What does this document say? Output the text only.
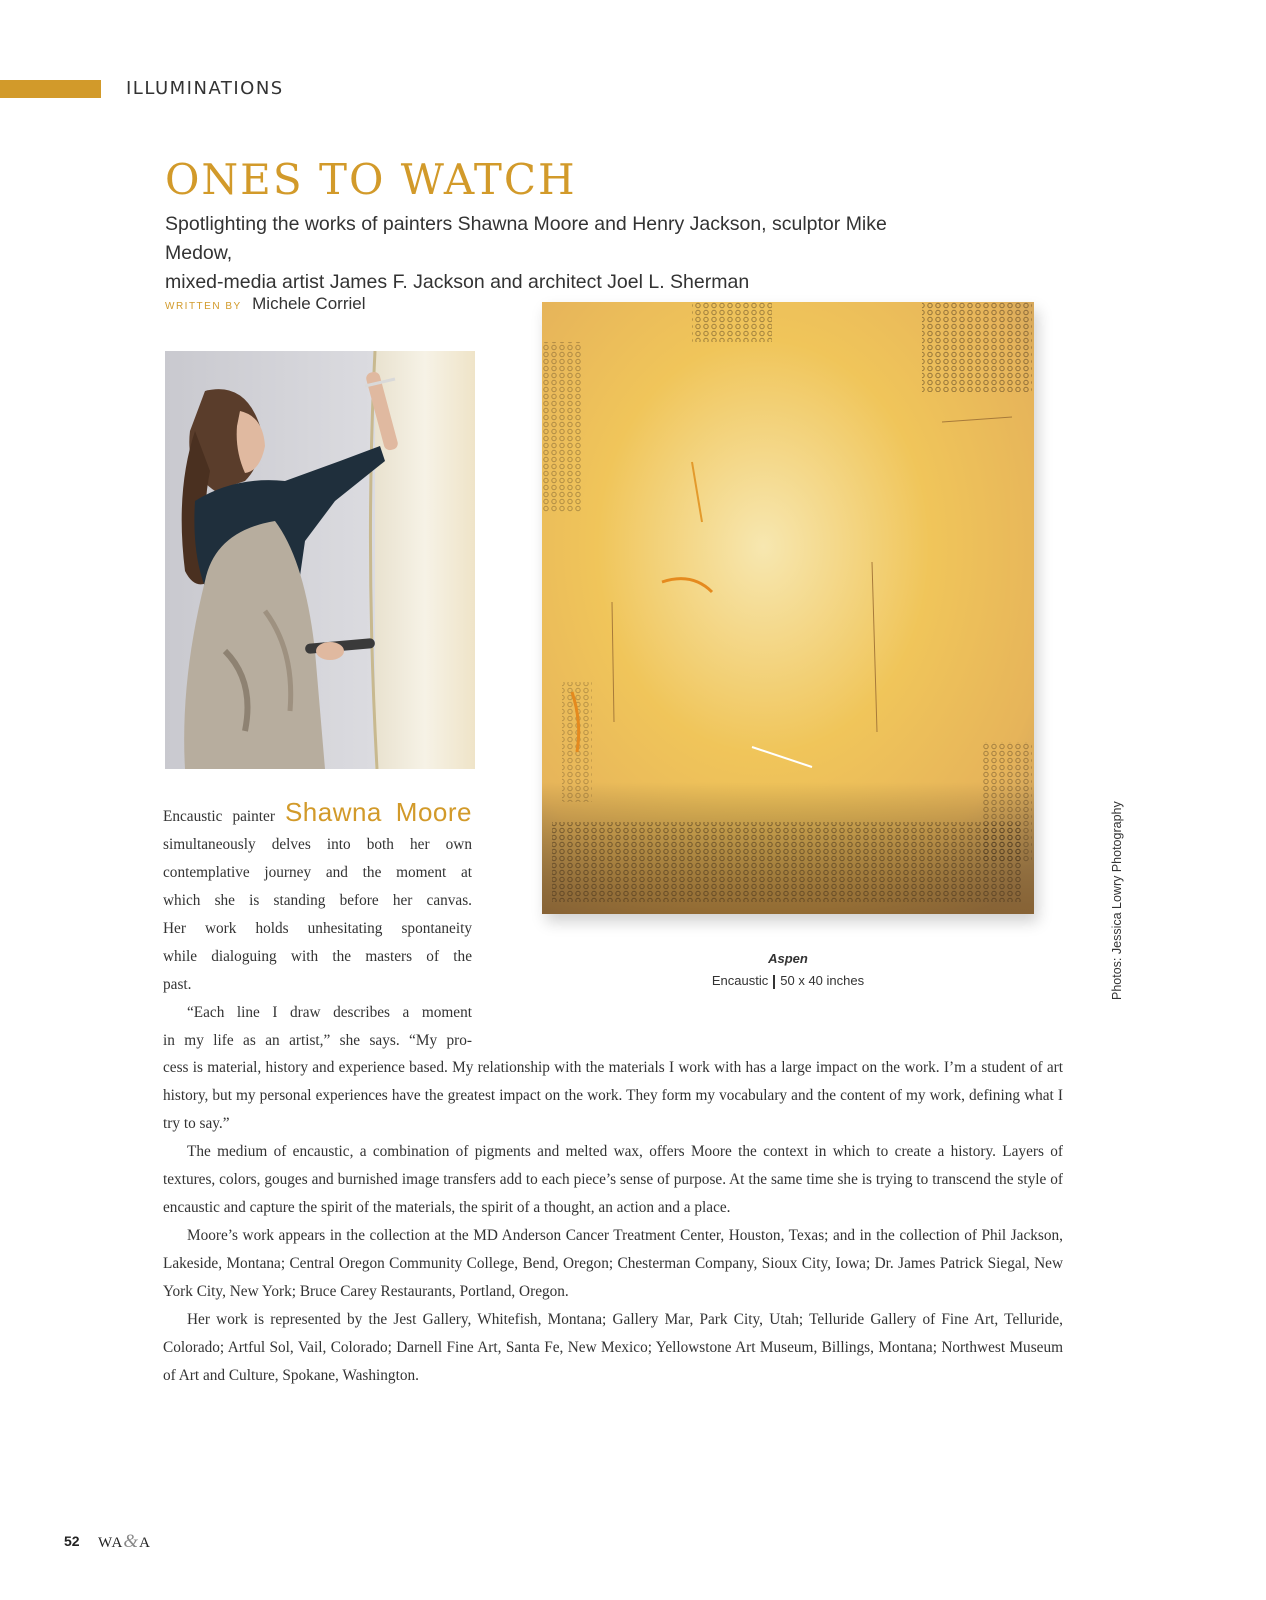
ILLUMINATIONS
ONES TO WATCH

Spotlighting the works of painters Shawna Moore and Henry Jackson, sculptor Mike Medow,
mixed-media artist James F. Jackson and architect Joel L. Sherman

WRITTEN BY Michele Corriel
Aspen
Encaustic 50 x 40 inches	Photos: Jessica Lowry Photography

Encaustic painter Shawna Moore

simultaneously delves into both her own

contemplative journey and the moment at

which she is standing before her canvas.

Her work holds unhesitating spontaneity

while dialoguing with the masters of the

past.

“Each line I draw describes a moment

in my life as an artist,” she says. “My pro-

cess is material, history and experience based. My relationship with the materials I work with has a large impact on the work. I’m a student of art history, but my personal experiences have the greatest impact on the work. They form my vocabulary and the content of my work, defining what I try to say.”

The medium of encaustic, a combination of pigments and melted wax, offers Moore the context in which to create a history. Layers of textures, colors, gouges and burnished image transfers add to each piece’s sense of purpose. At the same time she is trying to transcend the style of encaustic and capture the spirit of the materials, the spirit of a thought, an action and a place.

Moore’s work appears in the collection at the MD Anderson Cancer Treatment Center, Houston, Texas; and in the collection of Phil Jackson, Lakeside, Montana; Central Oregon Community College, Bend, Oregon; Chesterman Company, Sioux City, Iowa; Dr. James Patrick Siegal, New York City, New York; Bruce Carey Restaurants, Portland, Oregon.

Her work is represented by the Jest Gallery, Whitefish, Montana; Gallery Mar, Park City, Utah; Telluride Gallery of Fine Art, Telluride, Colorado; Artful Sol, Vail, Colorado; Darnell Fine Art, Santa Fe, New Mexico; Yellowstone Art Museum, Billings, Montana; Northwest Museum of Art and Culture, Spokane, Washington.

52 WA&A
